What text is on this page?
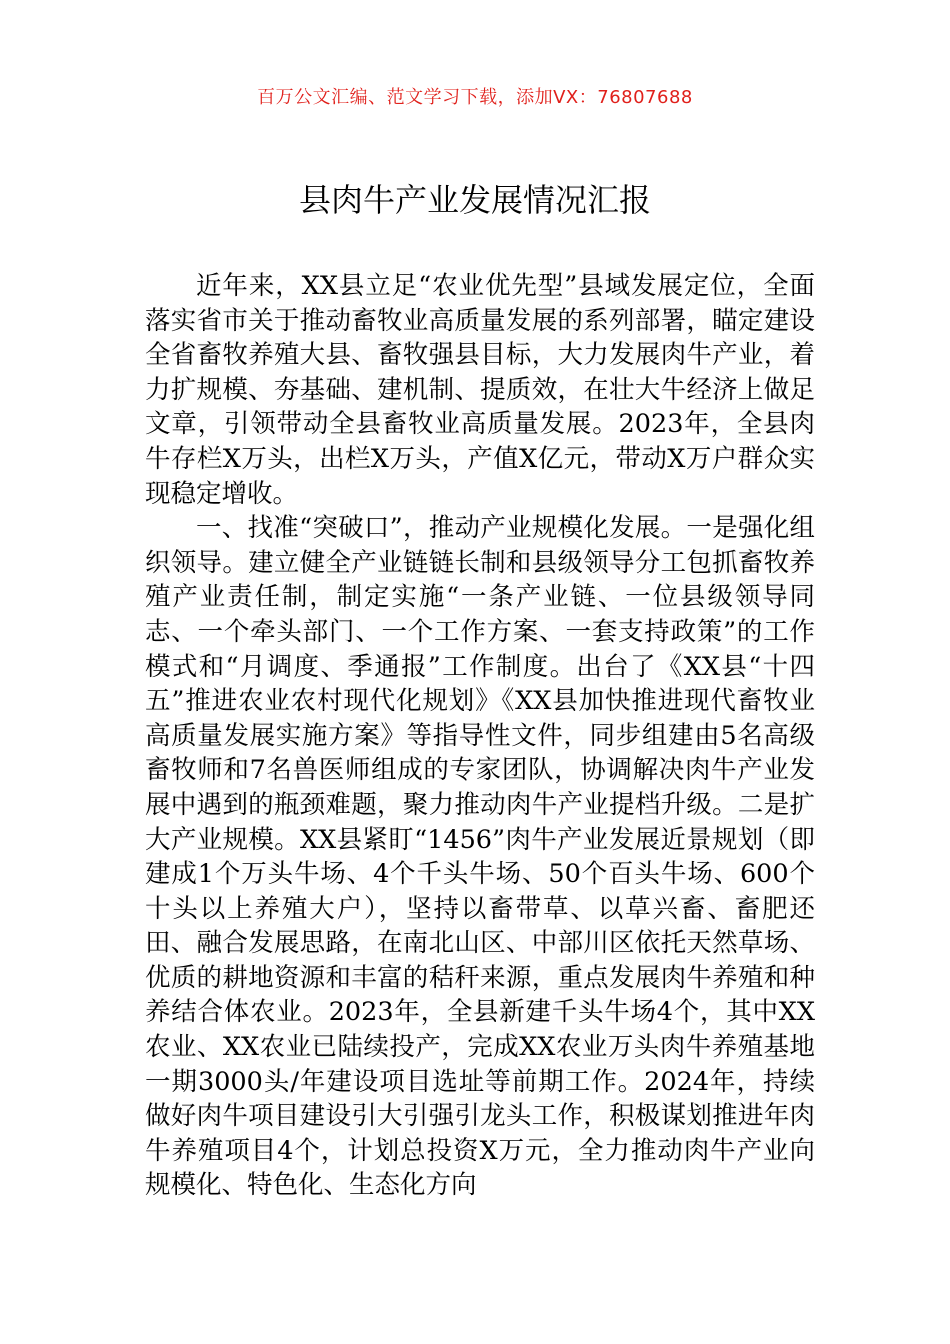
百万公文汇编、范文学习下载，添加VX：76807688
县肉牛产业发展情况汇报

近年来，XX县立足“农业优先型”县域发展定位，全面落实省市关于推动畜牧业高质量发展的系列部署，瞄定建设全省畜牧养殖大县、畜牧强县目标，大力发展肉牛产业，着力扩规模、夯基础、建机制、提质效，在壮大牛经济上做足文章，引领带动全县畜牧业高质量发展。2023年，全县肉牛存栏X万头，出栏X万头，产值X亿元，带动X万户群众实现稳定增收。

一、找准“突破口”，推动产业规模化发展。一是强化组织领导。建立健全产业链链长制和县级领导分工包抓畜牧养殖产业责任制，制定实施“一条产业链、一位县级领导同志、一个牵头部门、一个工作方案、一套支持政策”的工作模式和“月调度、季通报”工作制度。出台了《XX县“十四五”推进农业农村现代化规划》《XX县加快推进现代畜牧业高质量发展实施方案》等指导性文件，同步组建由5名高级畜牧师和7名兽医师组成的专家团队，协调解决肉牛产业发展中遇到的瓶颈难题，聚力推动肉牛产业提档升级。二是扩大产业规模。XX县紧盯“1456”肉牛产业发展近景规划（即建成1个万头牛场、4个千头牛场、50个百头牛场、600个十头以上养殖大户），坚持以畜带草、以草兴畜、畜肥还田、融合发展思路，在南北山区、中部川区依托天然草场、优质的耕地资源和丰富的秸秆来源，重点发展肉牛养殖和种养结合体农业。2023年，全县新建千头牛场4个，其中XX农业、XX农业已陆续投产，完成XX农业万头肉牛养殖基地一期3000头/年建设项目选址等前期工作。2024年，持续做好肉牛项目建设引大引强引龙头工作，积极谋划推进年肉牛养殖项目4个，计划总投资X万元，全力推动肉牛产业向规模化、特色化、生态化方向
